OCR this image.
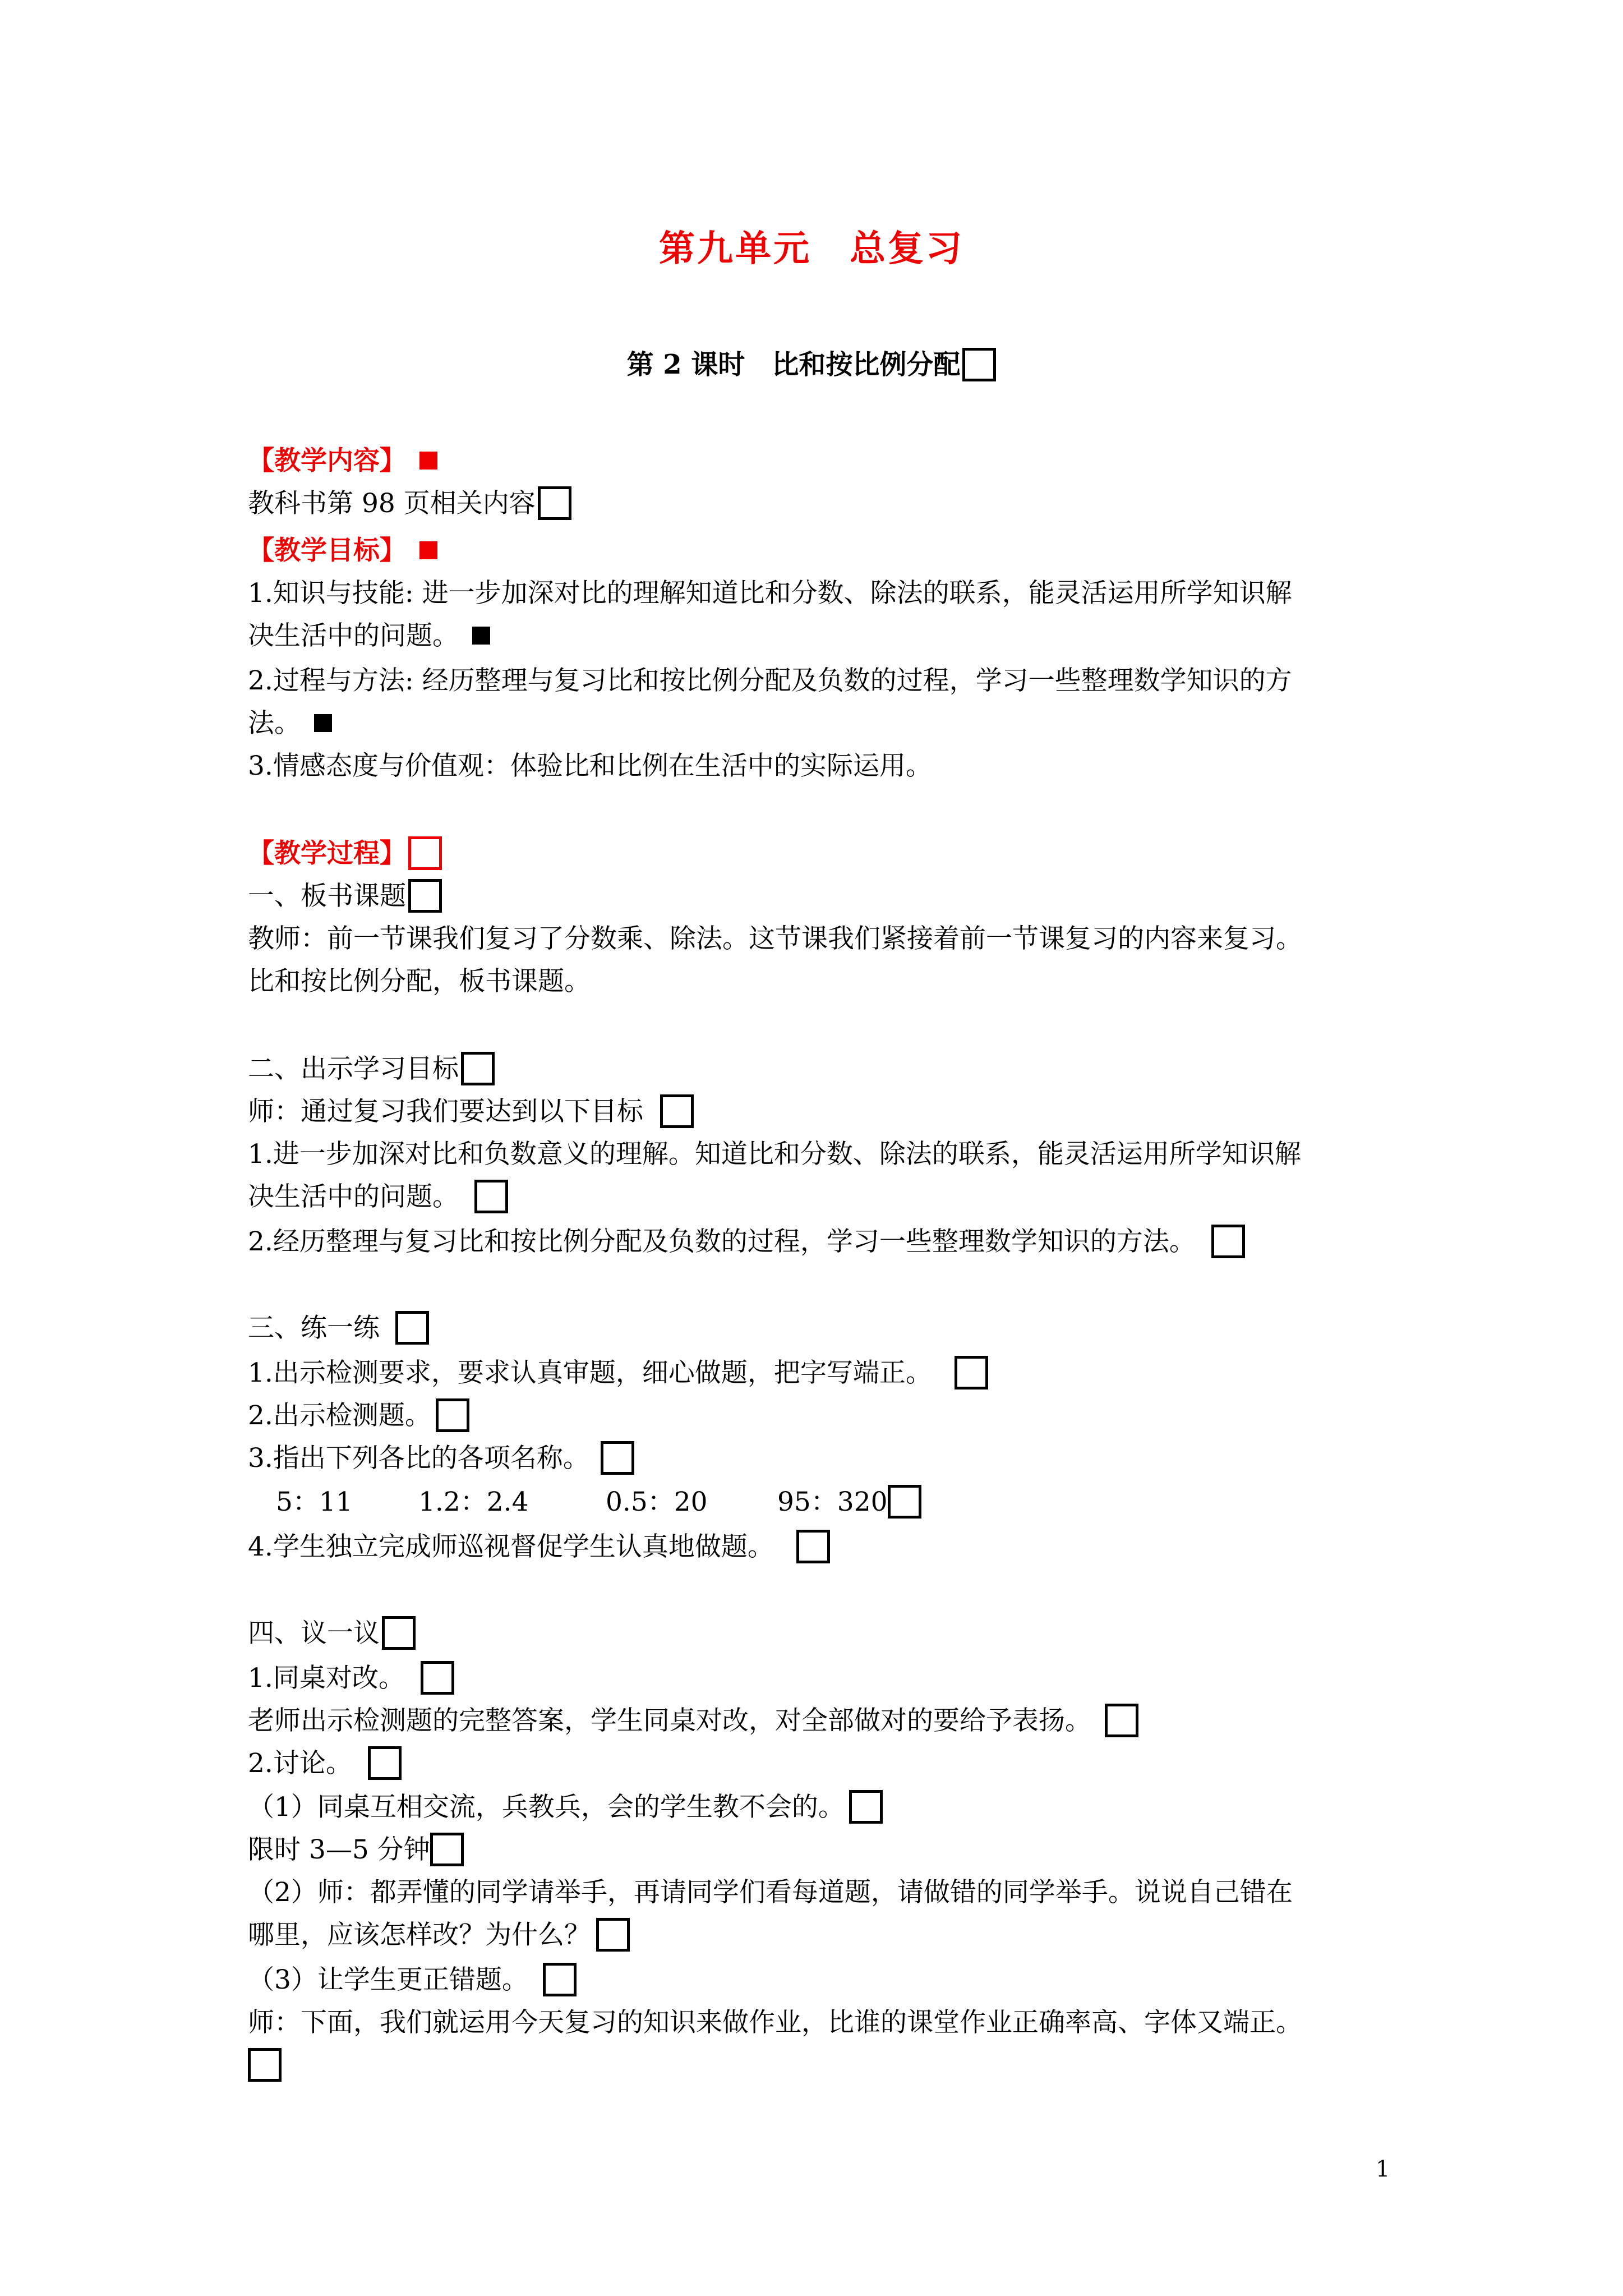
第九单元　总复习
第 2 课时　比和按比例分配
【教学内容】
教科书第 98 页相关内容
【教学目标】
1.知识与技能: 进一步加深对比的理解知道比和分数、除法的联系，能灵活运用所学知识解
决生活中的问题。
2.过程与方法: 经历整理与复习比和按比例分配及负数的过程，学习一些整理数学知识的方
法。
3.情感态度与价值观：体验比和比例在生活中的实际运用。
【教学过程】
一、板书课题
教师：前一节课我们复习了分数乘、除法。这节课我们紧接着前一节课复习的内容来复习。
比和按比例分配，板书课题。
二、出示学习目标
师：通过复习我们要达到以下目标
1.进一步加深对比和负数意义的理解。知道比和分数、除法的联系，能灵活运用所学知识解
决生活中的问题。
2.经历整理与复习比和按比例分配及负数的过程，学习一些整理数学知识的方法。
三、练一练
1.出示检测要求，要求认真审题，细心做题，把字写端正。
2.出示检测题。
3.指出下列各比的各项名称。
5：11 1.2：2.4	0.5：20	95：320
4.学生独立完成师巡视督促学生认真地做题。
四、议一议
1.同桌对改。
老师出示检测题的完整答案，学生同桌对改，对全部做对的要给予表扬。
2.讨论。
（1）同桌互相交流，兵教兵，会的学生教不会的。
限时 3—5 分钟
（2）师：都弄懂的同学请举手，再请同学们看每道题，请做错的同学举手。说说自己错在
哪里，应该怎样改？为什么？
（3）让学生更正错题。
师：下面，我们就运用今天复习的知识来做作业，比谁的课堂作业正确率高、字体又端正。
1
